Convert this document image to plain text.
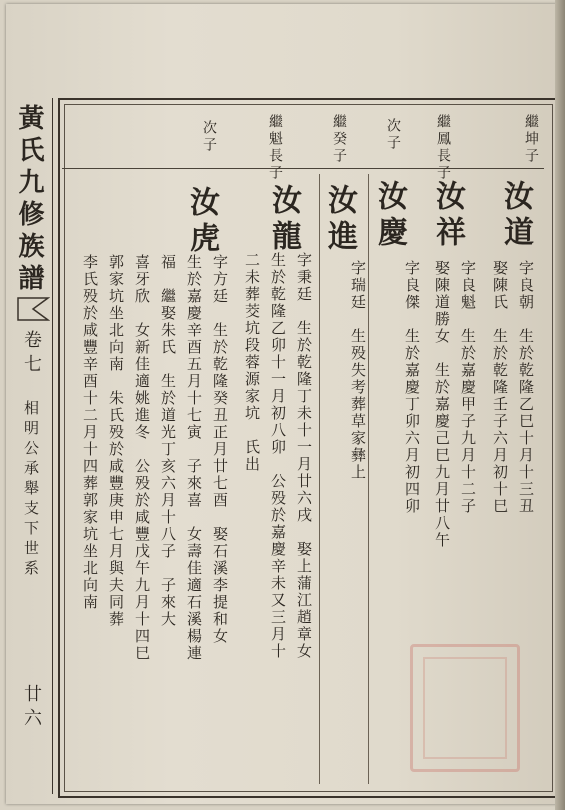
黃氏九修族譜
卷七
相明公承舉支下世系
廿六
繼坤子
繼鳳長子
次子
繼癸子
繼魁長子
次子
汝道
字良朝　生於乾隆乙巳十月十三丑
娶陳氏　生於乾隆壬子六月初十巳
汝祥
字良魁　生於嘉慶甲子九月十二子
娶陳道勝女　生於嘉慶己巳九月廿八午
汝慶
字良傑　生於嘉慶丁卯六月初四卯
汝進
字瑞廷　生殁失考葬草家彝上
汝龍
字秉廷　生於乾隆丁未十一月廿六戌　娶上蒲江趙章女
生於乾隆乙卯十一月初八卯　公殁於嘉慶辛未又三月十
二未葬茭坑段蓉源家坑　氏出
汝虎
字方廷　生於乾隆癸丑正月廿七酉　娶石溪李提和女
生於嘉慶辛酉五月十七寅　子來喜　女壽佳適石溪楊連
福　繼娶朱氏　生於道光丁亥六月十八子　子來大
喜牙欣　女新佳適姚進冬　公殁於咸豐戊午九月十四巳
郭家坑坐北向南　朱氏殁於咸豐庚申七月與夫同葬
李氏殁於咸豐辛酉十二月十四葬郭家坑坐北向南
